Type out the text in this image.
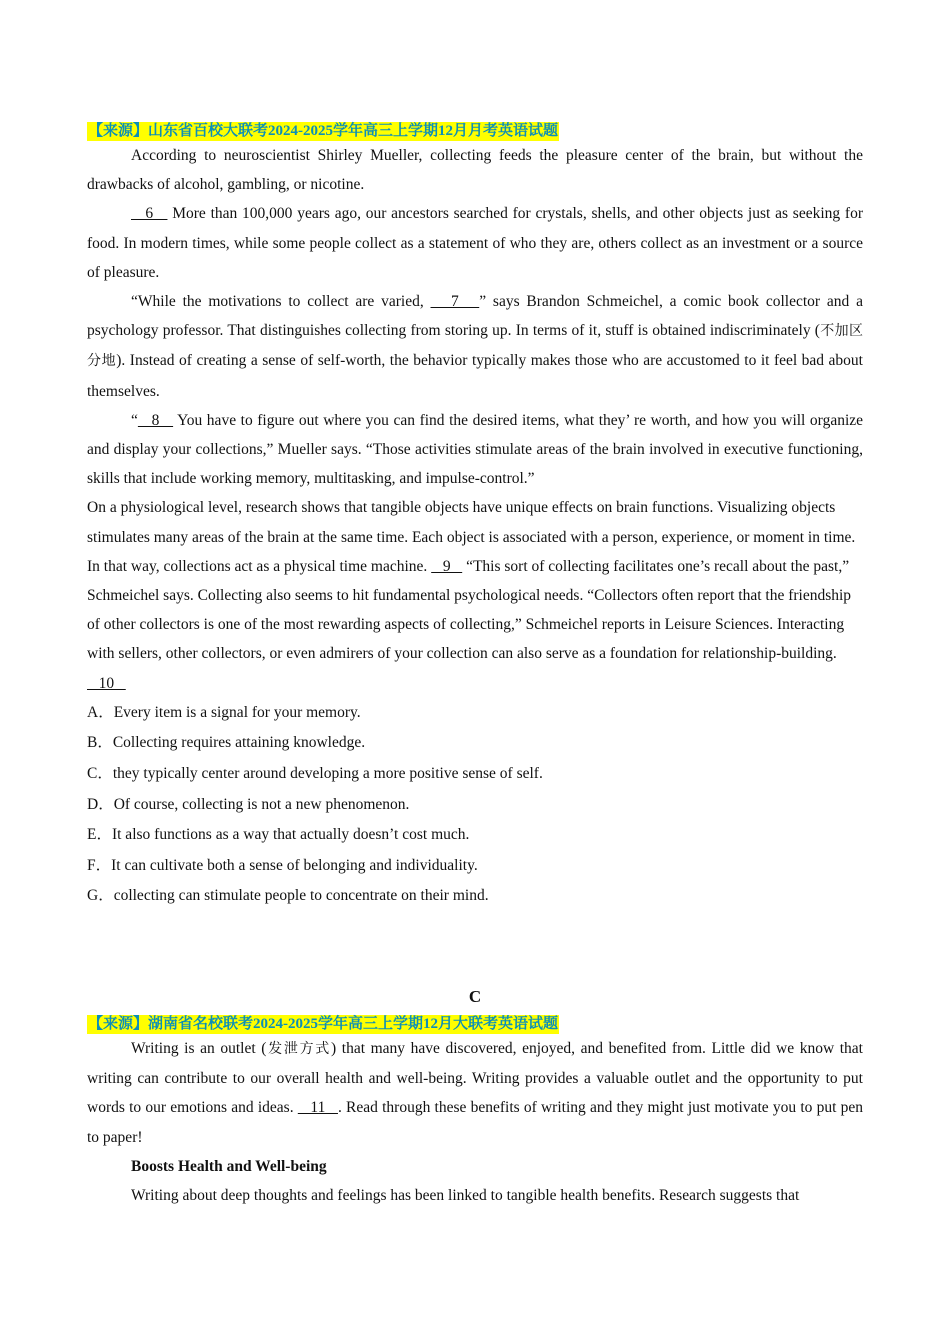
【来源】山东省百校大联考2024-2025学年高三上学期12月月考英语试题

According to neuroscientist Shirley Mueller, collecting feeds the pleasure center of the brain, but without the drawbacks of alcohol, gambling, or nicotine.

6    More than 100,000 years ago, our ancestors searched for crystals, shells, and other objects just as seeking for food. In modern times, while some people collect as a statement of who they are, others collect as an investment or a source of pleasure.

“While the motivations to collect are varied,    7   ” says Brandon Schmeichel, a comic book collector and a psychology professor. That distinguishes collecting from storing up. In terms of it, stuff is obtained indiscriminately (不加区分地). Instead of creating a sense of self-worth, the behavior typically makes those who are accustomed to it feel bad about themselves.

“   8    You have to figure out where you can find the desired items, what they’ re worth, and how you will organize and display your collections,” Mueller says. “Those activities stimulate areas of the brain involved in executive functioning, skills that include working memory, multitasking, and impulse-control.”

On a physiological level, research shows that tangible objects have unique effects on brain functions. Visualizing objects stimulates many areas of the brain at the same time. Each object is associated with a person, experience, or moment in time. In that way, collections act as a physical time machine.    9    “This sort of collecting facilitates one’s recall about the past,” Schmeichel says. Collecting also seems to hit fundamental psychological needs. “Collectors often report that the friendship of other collectors is one of the most rewarding aspects of collecting,” Schmeichel reports in Leisure Sciences. Interacting with sellers, other collectors, or even admirers of your collection can also serve as a foundation for relationship-building.    10

A．Every item is a signal for your memory.

B．Collecting requires attaining knowledge.

C．they typically center around developing a more positive sense of self.

D．Of course, collecting is not a new phenomenon.

E．It also functions as a way that actually doesn’t cost much.

F．It can cultivate both a sense of belonging and individuality.

G．collecting can stimulate people to concentrate on their mind.

C
【来源】湖南省名校联考2024-2025学年高三上学期12月大联考英语试题

Writing is an outlet (发泄方式) that many have discovered, enjoyed, and benefited from. Little did we know that writing can contribute to our overall health and well-being. Writing provides a valuable outlet and the opportunity to put words to our emotions and ideas.    11   . Read through these benefits of writing and they might just motivate you to put pen to paper!

Boosts Health and Well-being

Writing about deep thoughts and feelings has been linked to tangible health benefits. Research suggests that
